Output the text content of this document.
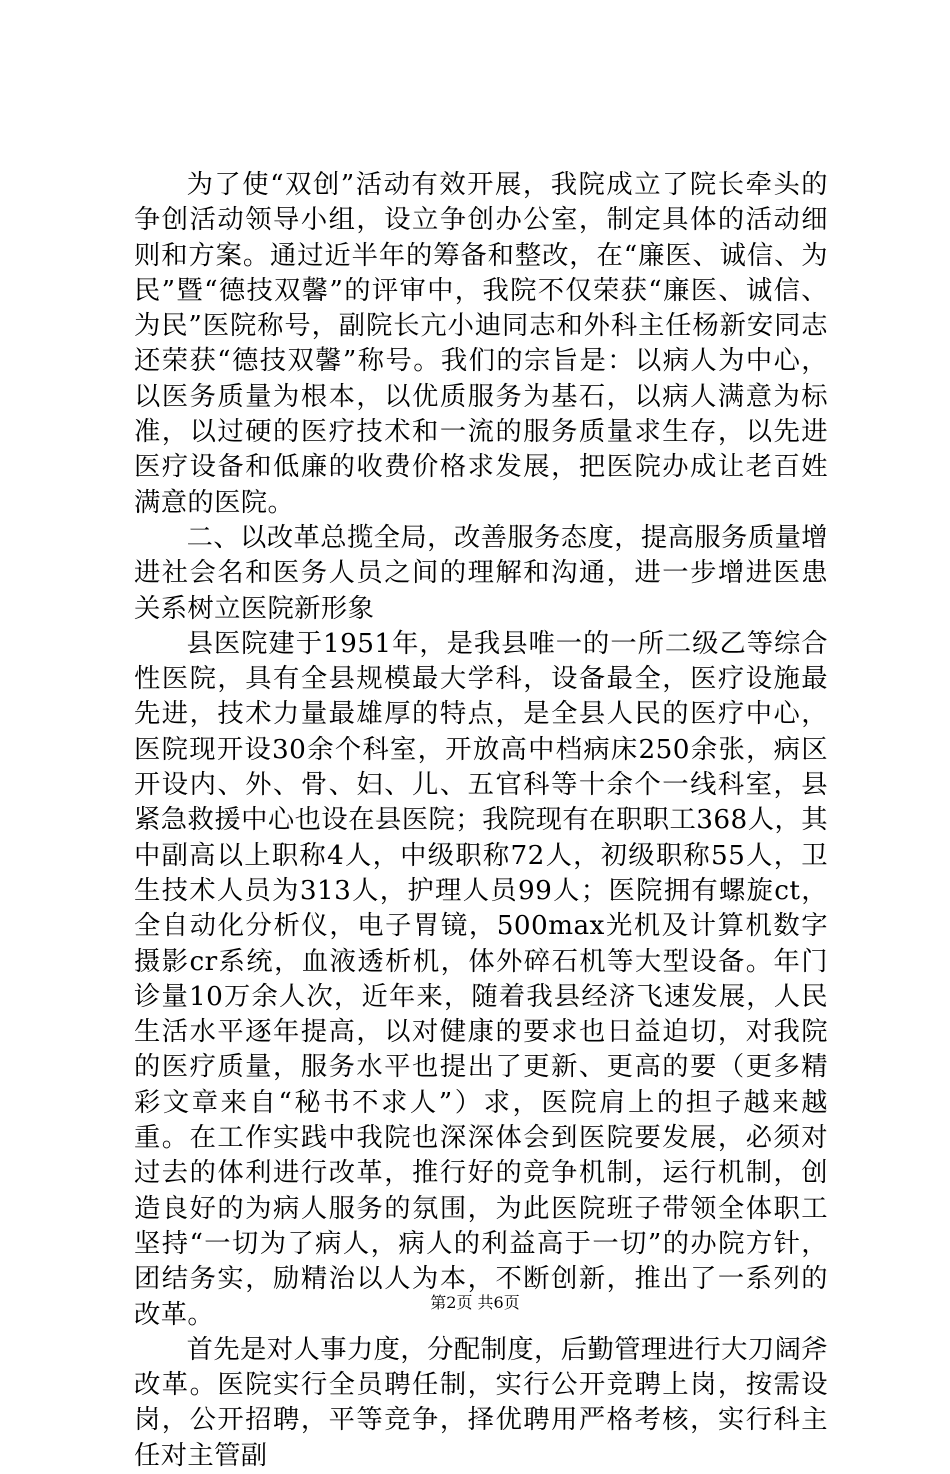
为了使“双创”活动有效开展，我院成立了院长牵头的争创活动领导小组，设立争创办公室，制定具体的活动细则和方案。通过近半年的筹备和整改，在“廉医、诚信、为民”暨“德技双馨”的评审中，我院不仅荣获“廉医、诚信、为民”医院称号，副院长亢小迪同志和外科主任杨新安同志还荣获“德技双馨”称号。我们的宗旨是：以病人为中心，以医务质量为根本，以优质服务为基石，以病人满意为标准，以过硬的医疗技术和一流的服务质量求生存，以先进医疗设备和低廉的收费价格求发展，把医院办成让老百姓满意的医院。

二、以改革总揽全局，改善服务态度，提高服务质量增进社会名和医务人员之间的理解和沟通，进一步增进医患关系树立医院新形象

县医院建于1951年，是我县唯一的一所二级乙等综合性医院，具有全县规模最大学科，设备最全，医疗设施最先进，技术力量最雄厚的特点，是全县人民的医疗中心，医院现开设30余个科室，开放高中档病床250余张，病区开设内、外、骨、妇、儿、五官科等十余个一线科室，县紧急救援中心也设在县医院；我院现有在职职工368人，其中副高以上职称4人，中级职称72人，初级职称55人，卫生技术人员为313人，护理人员99人；医院拥有螺旋ct，全自动化分析仪，电子胃镜，500max光机及计算机数字摄影cr系统，血液透析机，体外碎石机等大型设备。年门诊量10万余人次，近年来，随着我县经济飞速发展，人民生活水平逐年提高，以对健康的要求也日益迫切，对我院的医疗质量，服务水平也提出了更新、更高的要（更多精彩文章来自“秘书不求人”）求，医院肩上的担子越来越重。在工作实践中我院也深深体会到医院要发展，必须对过去的体利进行改革，推行好的竞争机制，运行机制，创造良好的为病人服务的氛围，为此医院班子带领全体职工坚持“一切为了病人，病人的利益高于一切”的办院方针，团结务实，励精治以人为本，不断创新，推出了一系列的改革。

首先是对人事力度，分配制度，后勤管理进行大刀阔斧改革。医院实行全员聘任制，实行公开竞聘上岗，按需设岗，公开招聘，平等竞争，择优聘用严格考核，实行科主任对主管副

第2页 共6页
